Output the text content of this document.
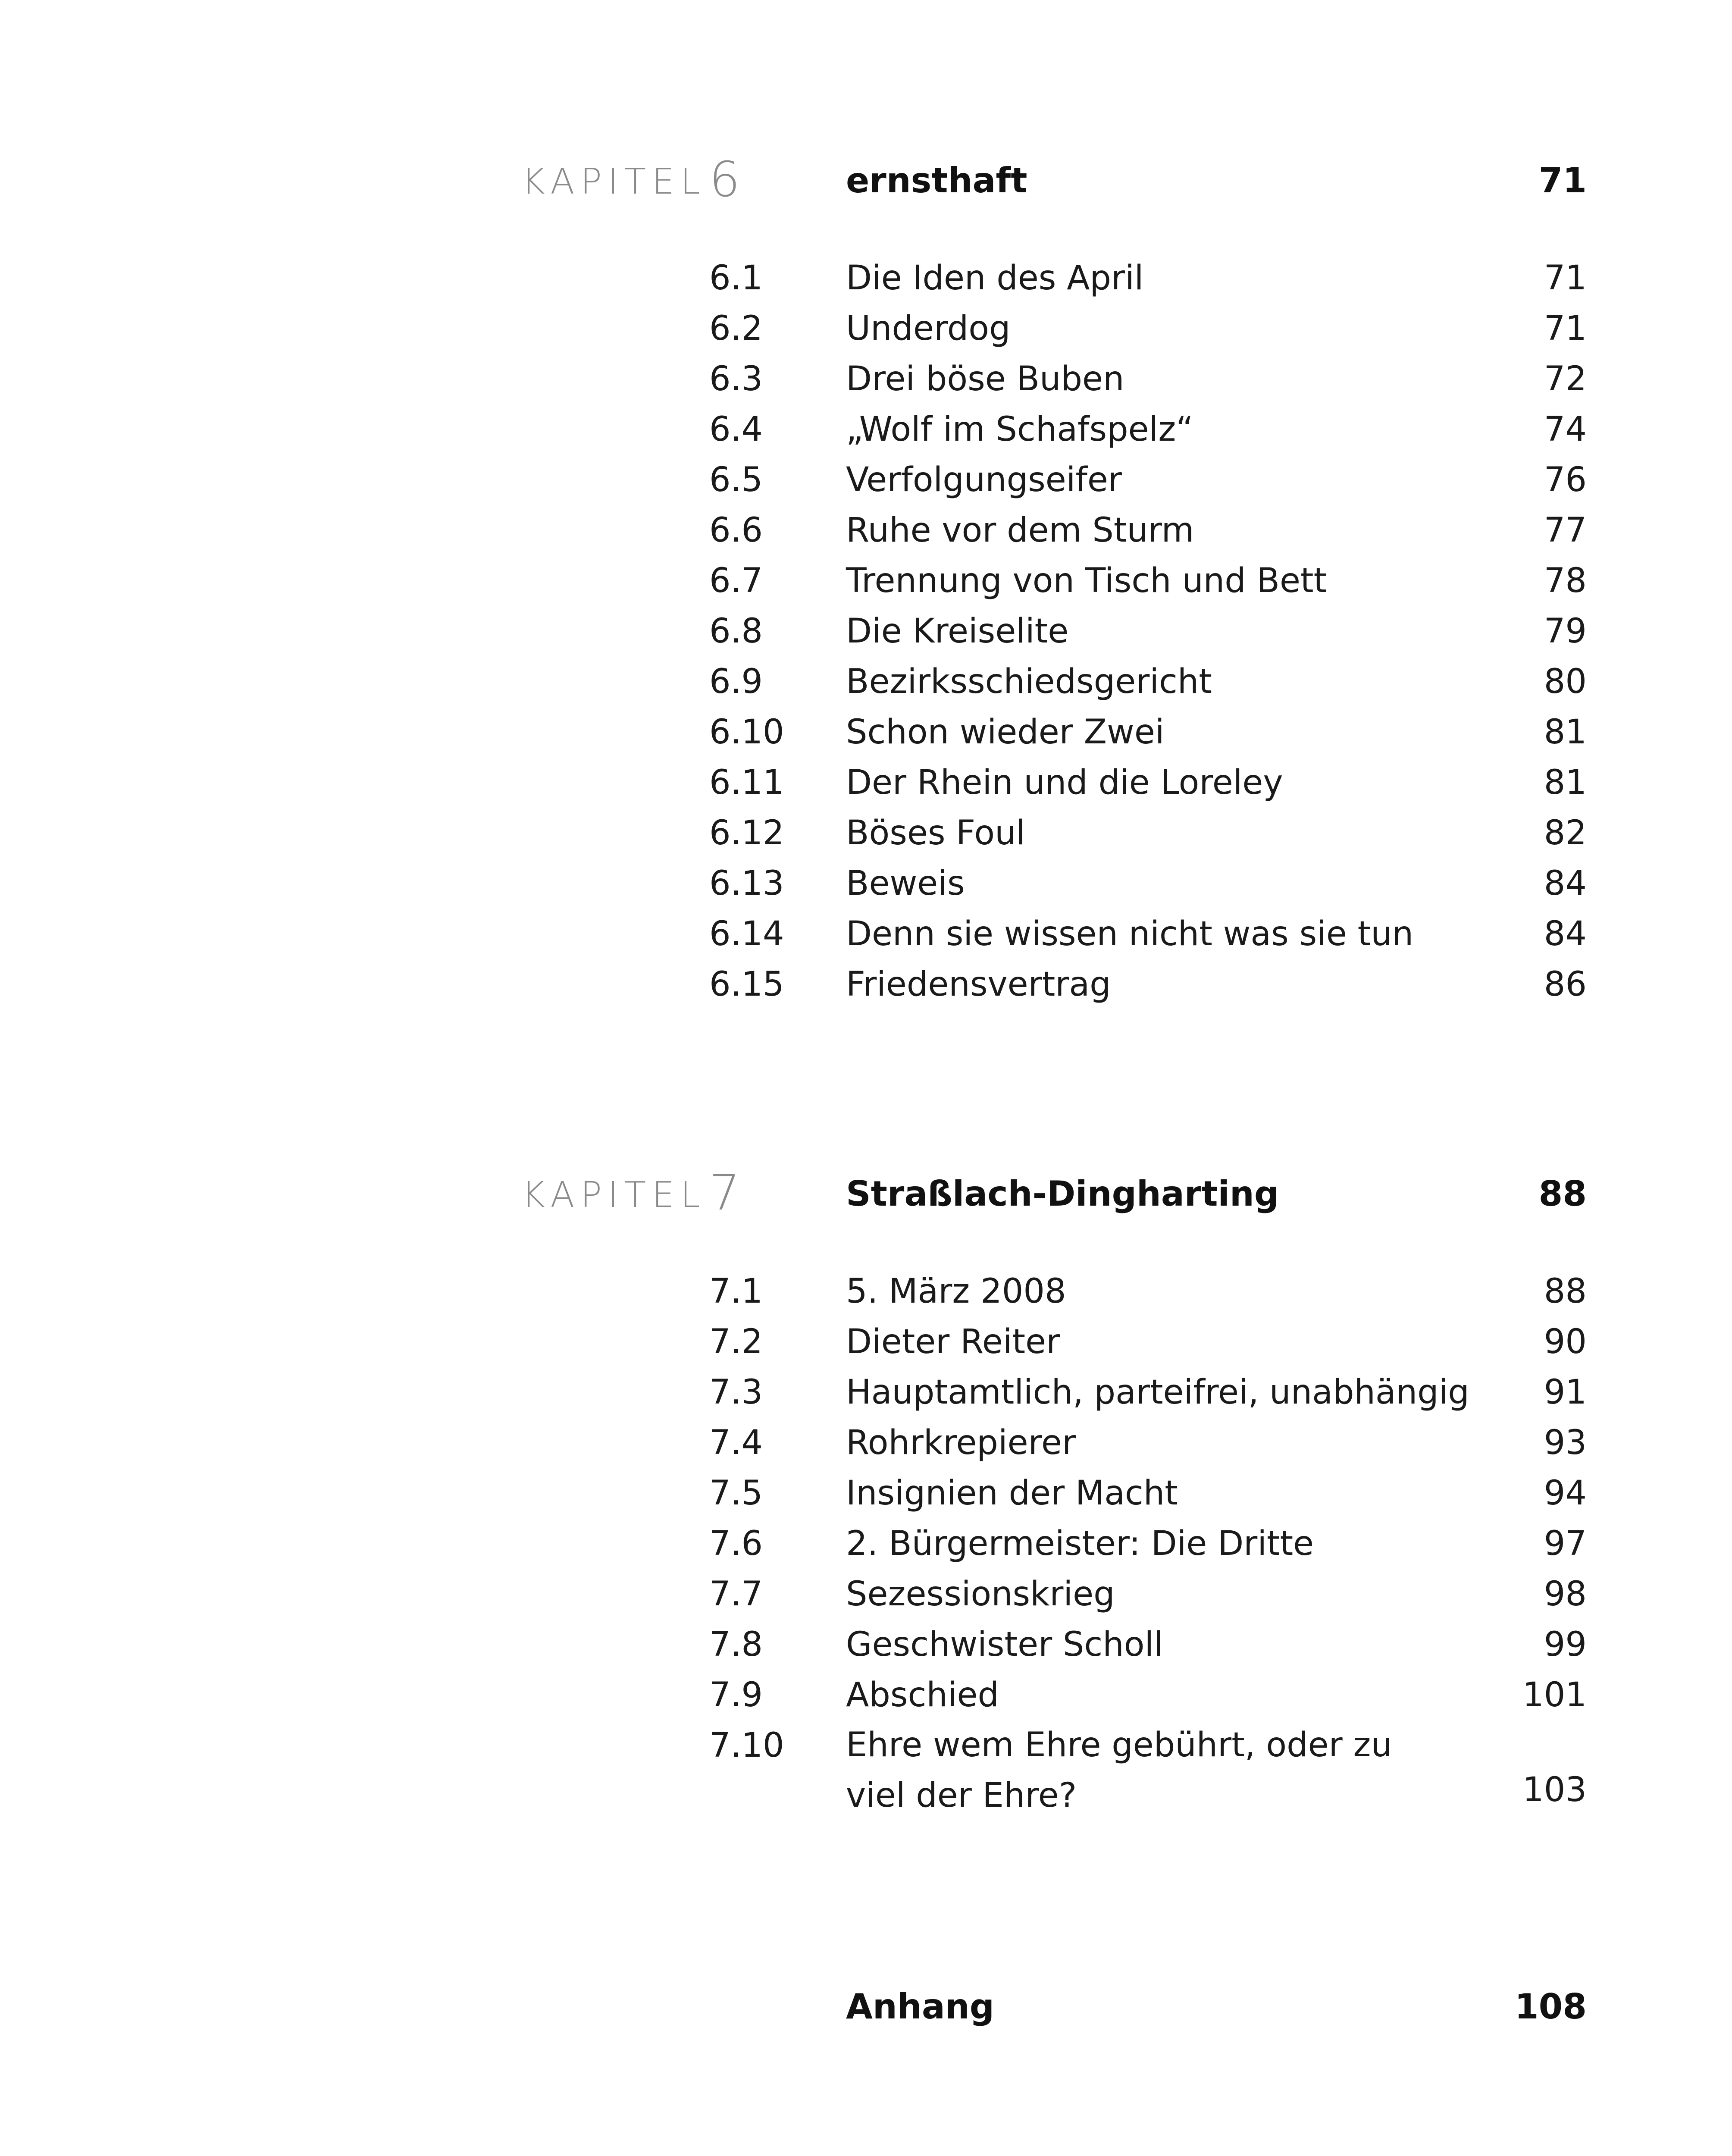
KAPITEL 6	ernsthaft	71
6.1 Die Iden des April	71
6.2 Underdog	71
6.3 Drei böse Buben	72
6.4 „Wolf im Schafspelz“	74
6.5 Verfolgungseifer	76
6.6 Ruhe vor dem Sturm	77
6.7 Trennung von Tisch und Bett	78
6.8 Die Kreiselite	79
6.9 Bezirksschiedsgericht	80
6.10 Schon wieder Zwei	81
6.11 Der Rhein und die Loreley	81
6.12 Böses Foul	82
6.13 Beweis	84
6.14 Denn sie wissen nicht was sie tun	84
6.15 Friedensvertrag	86
KAPITEL 7	Straßlach-Dingharting	88
7.1 5. März 2008	88
7.2 Dieter Reiter	90
7.3 Hauptamtlich, parteifrei, unabhängig 91
7.4 Rohrkrepierer	93
7.5 Insignien der Macht	94
7.6 2. Bürgermeister: Die Dritte	97
7.7 Sezessionskrieg	98
7.8 Geschwister Scholl	99
7.9 Abschied	101
7.10 Ehre wem Ehre gebührt, oder zu viel der Ehre?	103
Anhang	108
